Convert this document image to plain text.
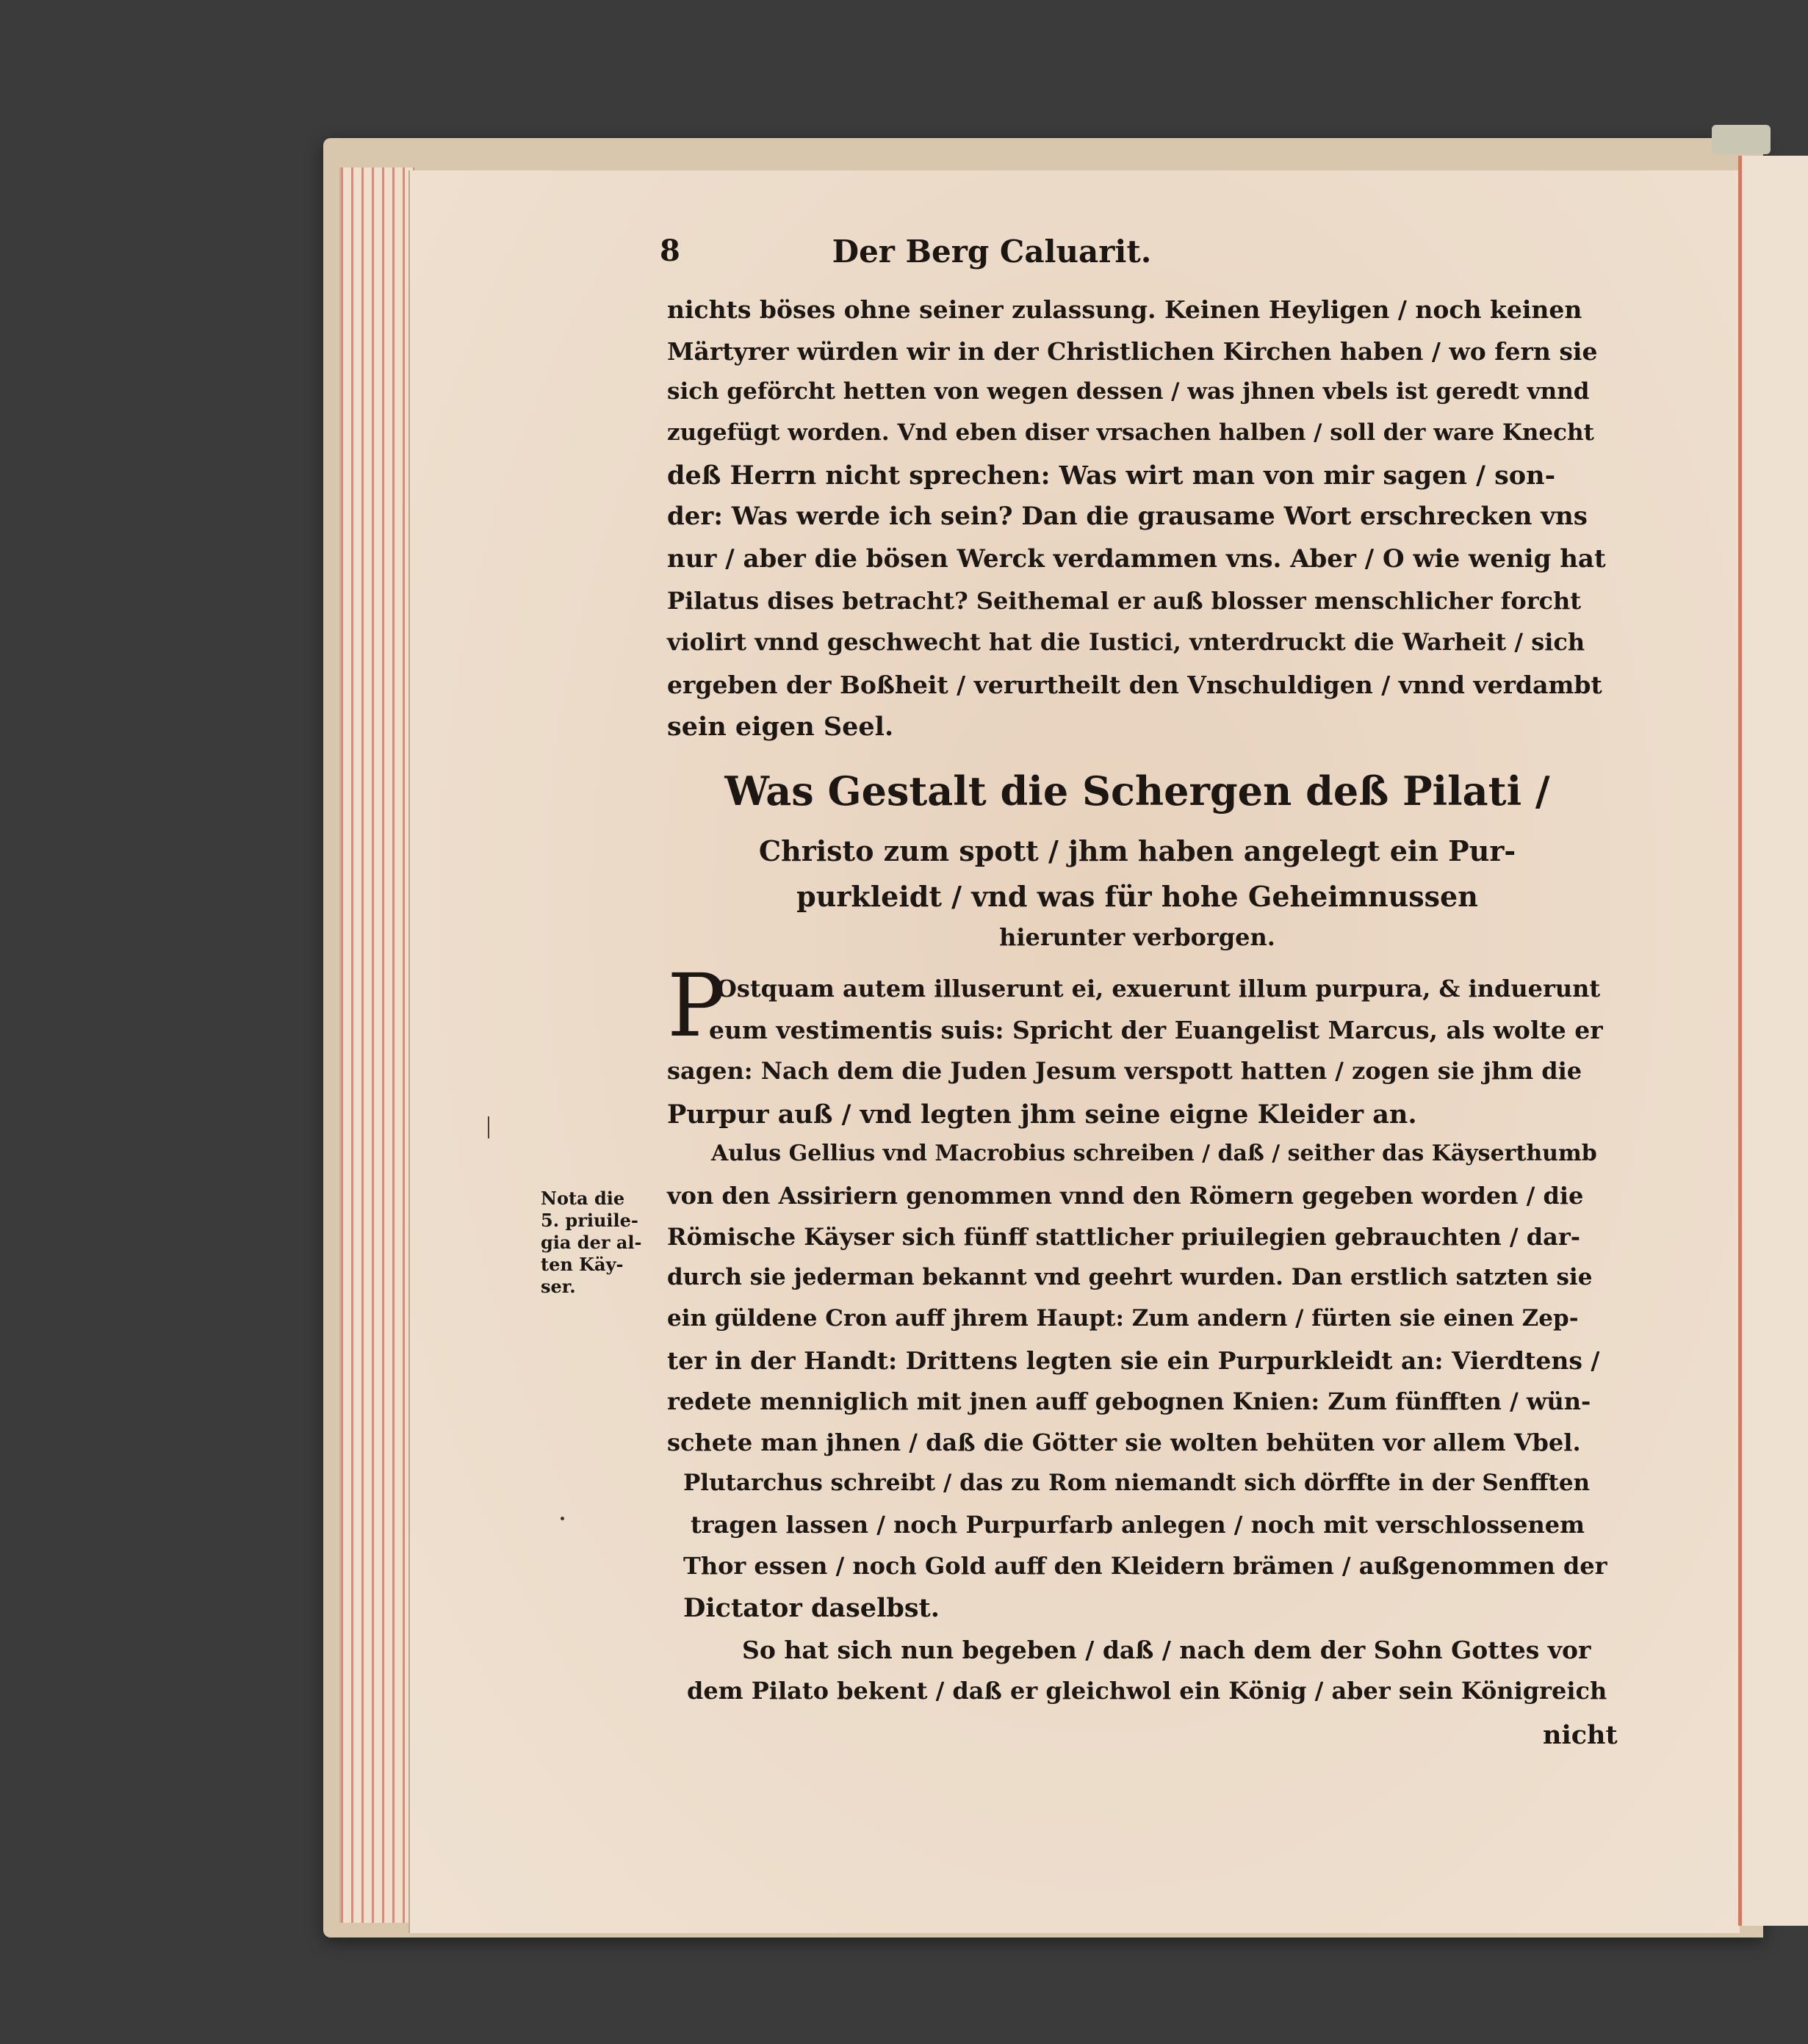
8	Der Berg Caluarit.

nichts böses ohne seiner zulassung. Keinen Heyligen / noch keinen

Märtyrer würden wir in der Christlichen Kirchen haben / wo fern sie

sich geförcht hetten von wegen dessen / was jhnen vbels ist geredt vnnd

zugefügt worden. Vnd eben diser vrsachen halben / soll der ware Knecht

deß Herrn nicht sprechen: Was wirt man von mir sagen / son-

der: Was werde ich sein? Dan die grausame Wort erschrecken vns

nur / aber die bösen Werck verdammen vns. Aber / O wie wenig hat

Pilatus dises betracht? Seithemal er auß blosser menschlicher forcht

violirt vnnd geschwecht hat die Iustici, vnterdruckt die Warheit / sich

ergeben der Boßheit / verurtheilt den Vnschuldigen / vnnd verdambt

sein eigen Seel.

Was Gestalt die Schergen deß Pilati /

Christo zum spott / jhm haben angelegt ein Pur-

purkleidt / vnd was für hohe Geheimnussen

hierunter verborgen.

P

Ostquam autem illuserunt ei, exuerunt illum purpura, & induerunt

eum vestimentis suis: Spricht der Euangelist Marcus, als wolte er

sagen: Nach dem die Juden Jesum verspott hatten / zogen sie jhm die

Purpur auß / vnd legten jhm seine eigne Kleider an.

Aulus Gellius vnd Macrobius schreiben / daß / seither das Käyserthumb

von den Assiriern genommen vnnd den Römern gegeben worden / die

Römische Käyser sich fünff stattlicher priuilegien gebrauchten / dar-

durch sie jederman bekannt vnd geehrt wurden. Dan erstlich satzten sie

ein güldene Cron auff jhrem Haupt: Zum andern / fürten sie einen Zep-

ter in der Handt: Drittens legten sie ein Purpurkleidt an: Vierdtens /

redete menniglich mit jnen auff gebognen Knien: Zum fünfften / wün-

schete man jhnen / daß die Götter sie wolten behüten vor allem Vbel.

Plutarchus schreibt / das zu Rom niemandt sich dörffte in der Senfften

tragen lassen / noch Purpurfarb anlegen / noch mit verschlossenem

Thor essen / noch Gold auff den Kleidern brämen / außgenommen der

Dictator daselbst.

So hat sich nun begeben / daß / nach dem der Sohn Gottes vor

dem Pilato bekent / daß er gleichwol ein König / aber sein Königreich

nicht
Nota die
5. priuile-
gia der al-
ten Käy-
ser.
